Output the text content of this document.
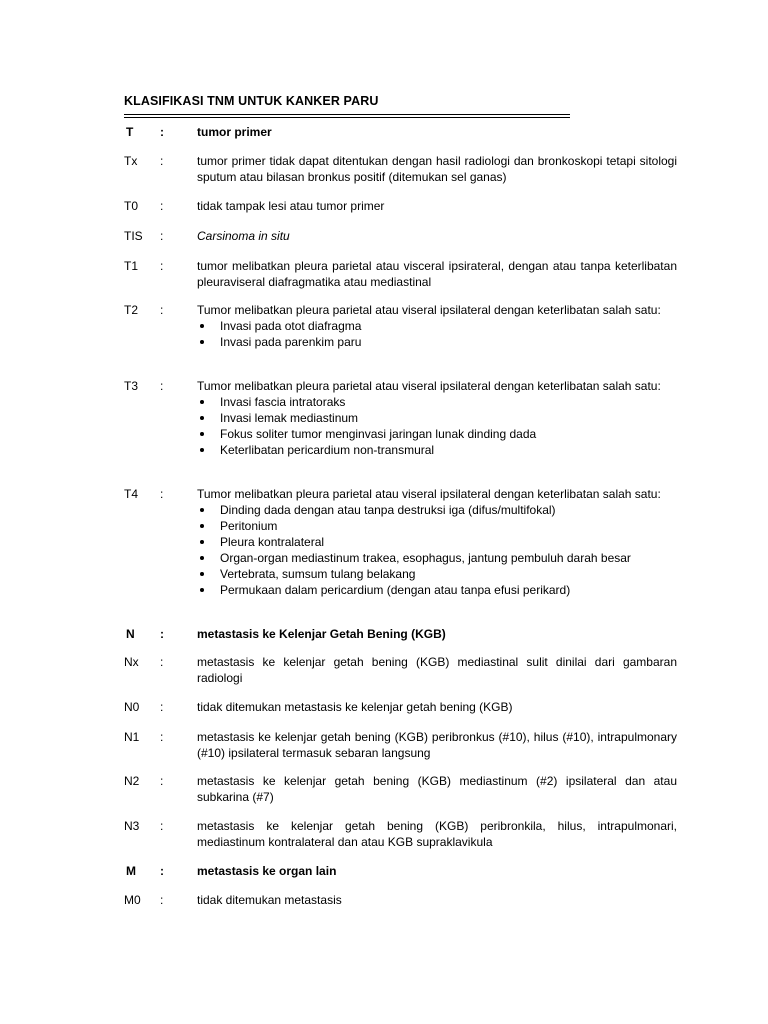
KLASIFIKASI TNM UNTUK KANKER PARU
T :	tumor primer
Tx :	tumor primer tidak dapat ditentukan dengan hasil radiologi dan bronkoskopi tetapi sitologi sputum atau bilasan bronkus positif (ditemukan sel ganas)
T0 :	tidak tampak lesi atau tumor primer
TIS :	Carsinoma in situ
T1 :	tumor melibatkan pleura parietal atau visceral ipsirateral, dengan atau tanpa keterlibatan pleuraviseral diafragmatika atau mediastinal
T2 :	Tumor melibatkan pleura parietal atau viseral ipsilateral dengan keterlibatan salah satu:
Invasi pada otot diafragma
Invasi pada parenkim paru
T3 :	Tumor melibatkan pleura parietal atau viseral ipsilateral dengan keterlibatan salah satu:
Invasi fascia intratoraks
Invasi lemak mediastinum
Fokus soliter tumor menginvasi jaringan lunak dinding dada
Keterlibatan pericardium non-transmural
T4 :	Tumor melibatkan pleura parietal atau viseral ipsilateral dengan keterlibatan salah satu:
Dinding dada dengan atau tanpa destruksi iga (difus/multifokal)
Peritonium
Pleura kontralateral
Organ-organ mediastinum trakea, esophagus, jantung pembuluh darah besar
Vertebrata, sumsum tulang belakang
Permukaan dalam pericardium (dengan atau tanpa efusi perikard)
N :	metastasis ke Kelenjar Getah Bening (KGB)
Nx :	metastasis ke kelenjar getah bening (KGB) mediastinal sulit dinilai dari gambaran radiologi
N0 :	tidak ditemukan metastasis ke kelenjar getah bening (KGB)
N1 :	metastasis ke kelenjar getah bening (KGB) peribronkus (#10), hilus (#10), intrapulmonary (#10) ipsilateral termasuk sebaran langsung
N2 :	metastasis ke kelenjar getah bening (KGB) mediastinum (#2) ipsilateral dan atau subkarina (#7)
N3 :	metastasis ke kelenjar getah bening (KGB) peribronkila, hilus, intrapulmonari, mediastinum kontralateral dan atau KGB supraklavikula
M :	metastasis ke organ lain
M0 :	tidak ditemukan metastasis
